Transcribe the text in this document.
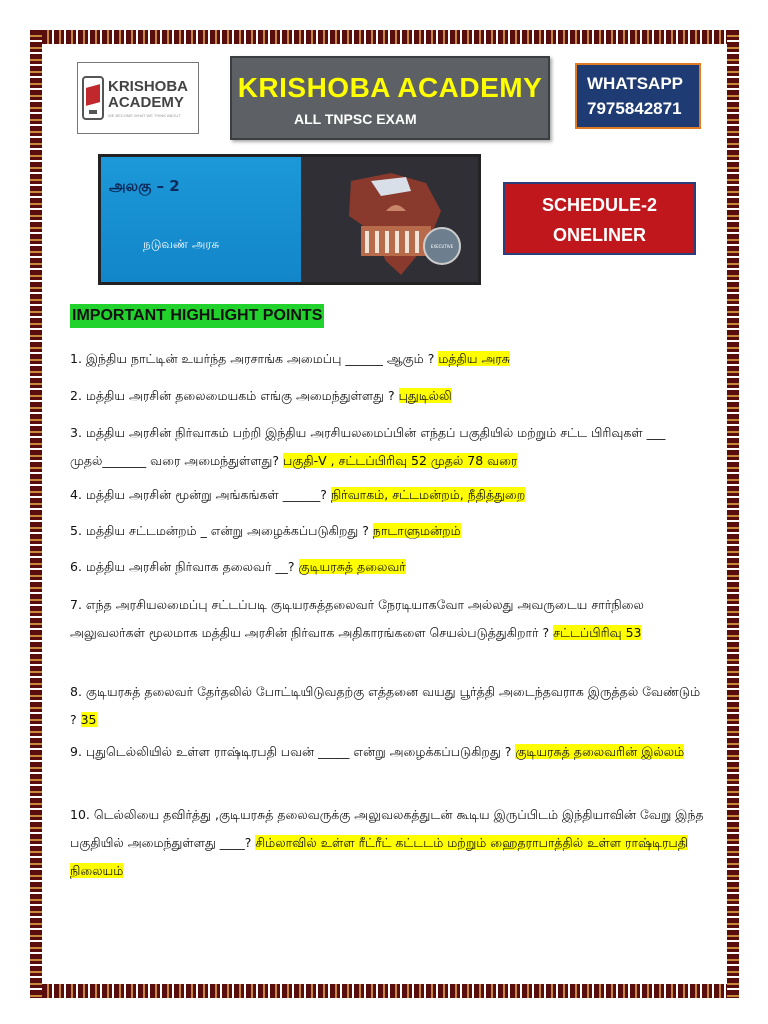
KRISHOBA
ACADEMY
WE BECOME WHAT WE THINK ABOUT
KRISHOBA ACADEMY
ALL TNPSC EXAM
WHATSAPP
7975842871
அலகு – 2
நடுவண் அரசு	EXECUTIVE
SCHEDULE-2
ONELINER
IMPORTANT HIGHLIGHT POINTS
1. இந்திய நாட்டின் உயர்ந்த அரசாங்க அமைப்பு ______ ஆகும் ? மத்திய அரசு
2. மத்திய அரசின் தலைமையகம் எங்கு அமைந்துள்ளது ? புதுடில்லி
3. மத்திய அரசின் நிர்வாகம் பற்றி இந்திய அரசியலமைப்பின் எந்தப் பகுதியில் மற்றும் சட்ட பிரிவுகள் ___ முதல்_______ வரை அமைந்துள்ளது? பகுதி-V , சட்டப்பிரிவு 52 முதல் 78 வரை
4. மத்திய அரசின் மூன்று அங்கங்கள் ______? நிர்வாகம், சட்டமன்றம், நீதித்துறை
5. மத்திய சட்டமன்றம் _ என்று அழைக்கப்படுகிறது ? நாடாளுமன்றம்
6. மத்திய அரசின் நிர்வாக தலைவர் __? குடியரசுத் தலைவர்
7. எந்த அரசியலமைப்பு சட்டப்படி குடியரசுத்தலைவர் நேரடியாகவோ அல்லது அவருடைய சார்நிலை அலுவலர்கள் மூலமாக மத்திய அரசின் நிர்வாக அதிகாரங்களை செயல்படுத்துகிறார் ? சட்டப்பிரிவு 53
8. குடியரசுத் தலைவர் தேர்தலில் போட்டியிடுவதற்கு எத்தனை வயது பூர்த்தி அடைந்தவராக இருத்தல் வேண்டும் ? 35
9. புதுடெல்லியில் உள்ள ராஷ்டிரபதி பவன் _____ என்று அழைக்கப்படுகிறது ? குடியரசுத் தலைவரின் இல்லம்
10. டெல்லியை தவிர்த்து ,குடியரசுத் தலைவருக்கு அலுவலகத்துடன் கூடிய இருப்பிடம் இந்தியாவின் வேறு இந்த பகுதியில் அமைந்துள்ளது ____? சிம்லாவில் உள்ள ரீட்ரீட் கட்டடம் மற்றும் ஹைதராபாத்தில் உள்ள ராஷ்டிரபதி நிலையம்
